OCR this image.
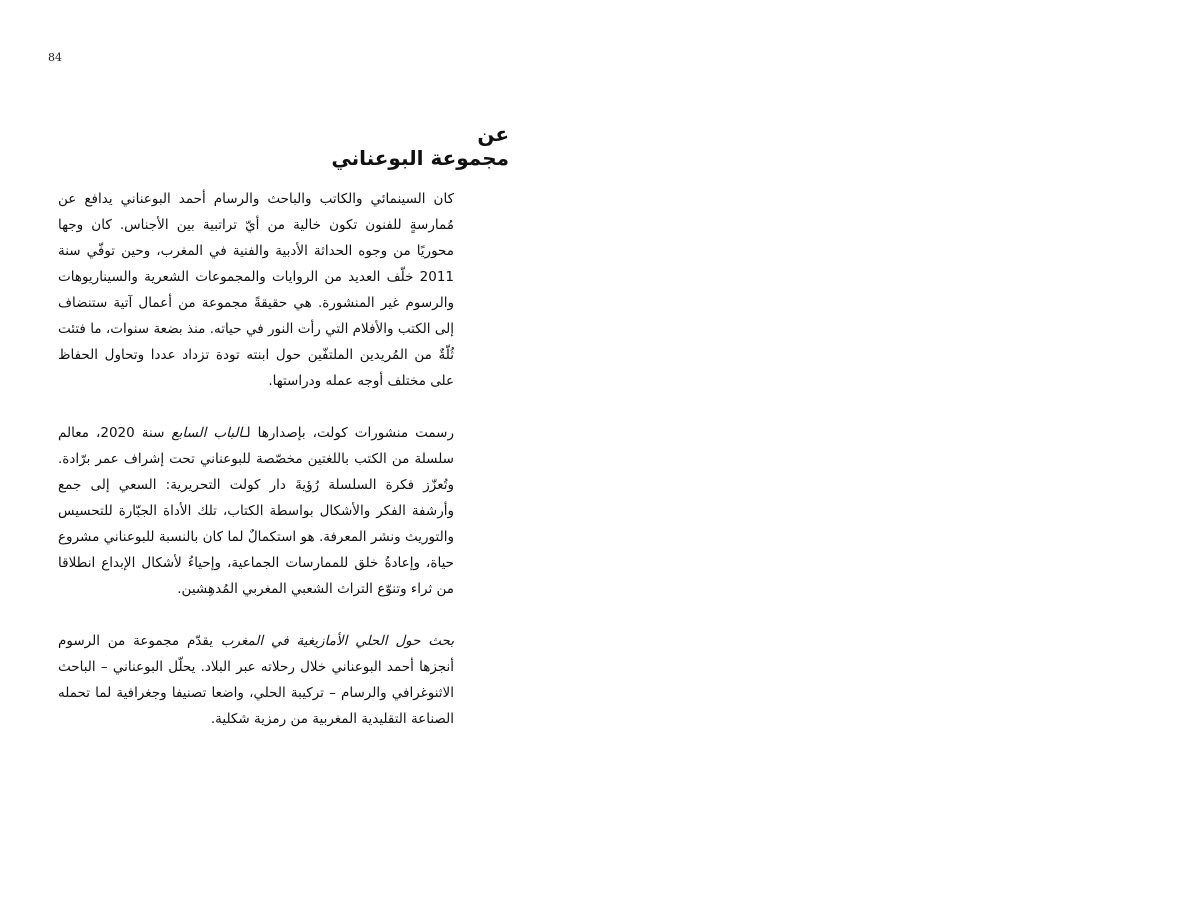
84
عن
مجموعة البوعناني

كان السينمائي والكاتب والباحث والرسام أحمد البوعناني يدافع عن مُمارسةٍ للفنون تكون خالية من أيّ تراتبية بين الأجناس. كان وجها محوريًا من وجوه الحداثة الأدبية والفنية في المغرب، وحين توفّي سنة 2011 خلّف العديد من الروايات والمجموعات الشعرية والسيناريوهات والرسوم غير المنشورة. هي حقيقةً مجموعة من أعمال آتية ستنضاف إلى الكتب والأفلام التي رأت النور في حياته. منذ بضعة سنوات، ما فتئت ثُلّةٌ من المُريدين الملتفّين حول ابنته تودة تزداد عددا وتحاول الحفاظ على مختلف أوجه عمله ودراستها.

رسمت منشورات كولت، بإصدارها لـالباب السابع سنة 2020، معالم سلسلة من الكتب باللغتين مخصّصة للبوعناني تحت إشراف عمر برّادة. وتُعزّز فكرة السلسلة رُؤيةَ دار كولت التحريرية: السعي إلى جمع وأرشفة الفكر والأشكال بواسطة الكتاب، تلك الأداة الجبّارة للتحسيس والتوريث ونشر المعرفة. هو استكمالٌ لما كان بالنسبة للبوعناني مشروع حياة، وإعادةُ خلق للممارسات الجماعية، وإحياءُ لأشكال الإبداع انطلاقا من ثراء وتنوّع التراث الشعبي المغربي المُدهِشين.

بحث حول الحلي الأمازيغية في المغرب يقدّم مجموعة من الرسوم أنجزها أحمد البوعناني خلال رحلاته عبر البلاد. يحلّل البوعناني – الباحث الاثنوغرافي والرسام – تركيبة الحلي، واضعا تصنيفا وجغرافية لما تحمله الصناعة التقليدية المغربية من رمزية شكلية.
